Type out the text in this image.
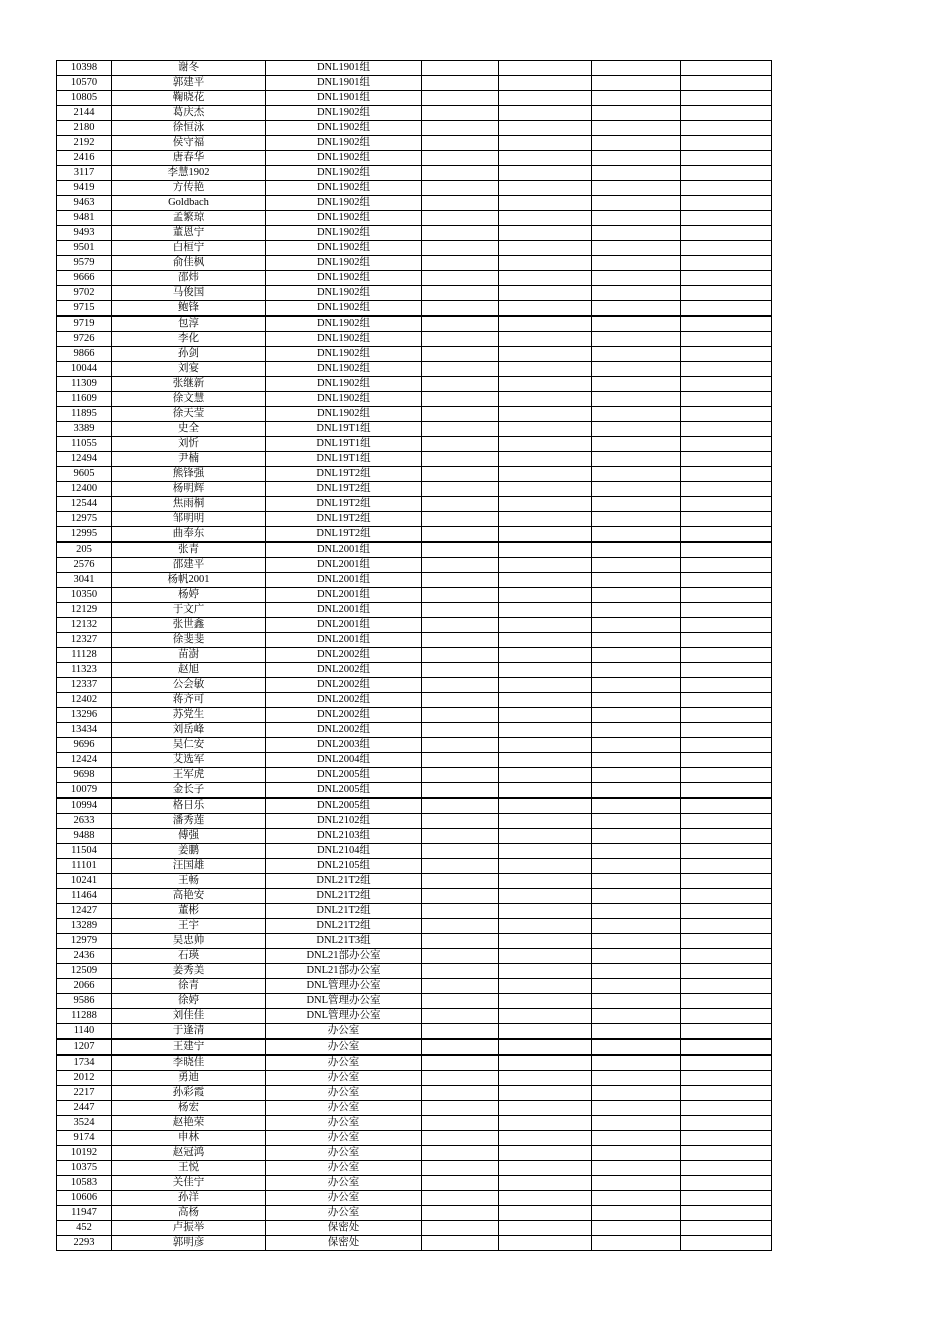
10398	谢冬	DNL1901组				
10570	郭建平	DNL1901组				
10805	鞠晓花	DNL1901组				
2144	葛庆杰	DNL1902组				
2180	徐恒泳	DNL1902组				
2192	侯守福	DNL1902组				
2416	唐春华	DNL1902组				
3117	李慧1902	DNL1902组				
9419	方传艳	DNL1902组				
9463	Goldbach	DNL1902组				
9481	孟繁琼	DNL1902组				
9493	董恩宁	DNL1902组				
9501	白桓宁	DNL1902组				
9579	俞佳枫	DNL1902组				
9666	邵炜	DNL1902组				
9702	马俊国	DNL1902组				
9715	鲍锋	DNL1902组				
9719	包淳	DNL1902组				
9726	李化	DNL1902组				
9866	孙剑	DNL1902组				
10044	刘宴	DNL1902组				
11309	张继新	DNL1902组				
11609	徐文慧	DNL1902组				
11895	徐天莹	DNL1902组				
3389	史全	DNL19T1组				
11055	刘忻	DNL19T1组				
12494	尹楠	DNL19T1组				
9605	熊锋强	DNL19T2组				
12400	杨明辉	DNL19T2组				
12544	焦雨桐	DNL19T2组				
12975	邹明明	DNL19T2组				
12995	曲奉东	DNL19T2组				
205	张青	DNL2001组				
2576	邵建平	DNL2001组				
3041	杨帆2001	DNL2001组				
10350	杨婷	DNL2001组				
12129	于文广	DNL2001组				
12132	张世鑫	DNL2001组				
12327	徐斐斐	DNL2001组				
11128	苗澍	DNL2002组				
11323	赵旭	DNL2002组				
12337	公会敏	DNL2002组				
12402	蒋齐可	DNL2002组				
13296	苏党生	DNL2002组				
13434	刘岳峰	DNL2002组				
9696	吴仁安	DNL2003组				
12424	艾选军	DNL2004组				
9698	王军虎	DNL2005组				
10079	金长子	DNL2005组				
10994	格日乐	DNL2005组				
2633	潘秀莲	DNL2102组				
9488	傅强	DNL2103组				
11504	姜鹏	DNL2104组				
11101	汪国雄	DNL2105组				
10241	王畅	DNL21T2组				
11464	高艳安	DNL21T2组				
12427	董彬	DNL21T2组				
13289	王宇	DNL21T2组				
12979	吴忠帅	DNL21T3组				
2436	石瑛	DNL21部办公室				
12509	姜秀美	DNL21部办公室				
2066	徐青	DNL管理办公室				
9586	徐婷	DNL管理办公室				
11288	刘佳佳	DNL管理办公室				
1140	于逢清	办公室				
1207	王建宁	办公室				
1734	李晓佳	办公室				
2012	勇迪	办公室				
2217	孙彩霞	办公室				
2447	杨宏	办公室				
3524	赵艳荣	办公室				
9174	申林	办公室				
10192	赵冠鸿	办公室				
10375	王悦	办公室				
10583	关佳宁	办公室				
10606	孙洋	办公室				
11947	高杨	办公室				
452	卢振举	保密处				
2293	郭明彦	保密处				
